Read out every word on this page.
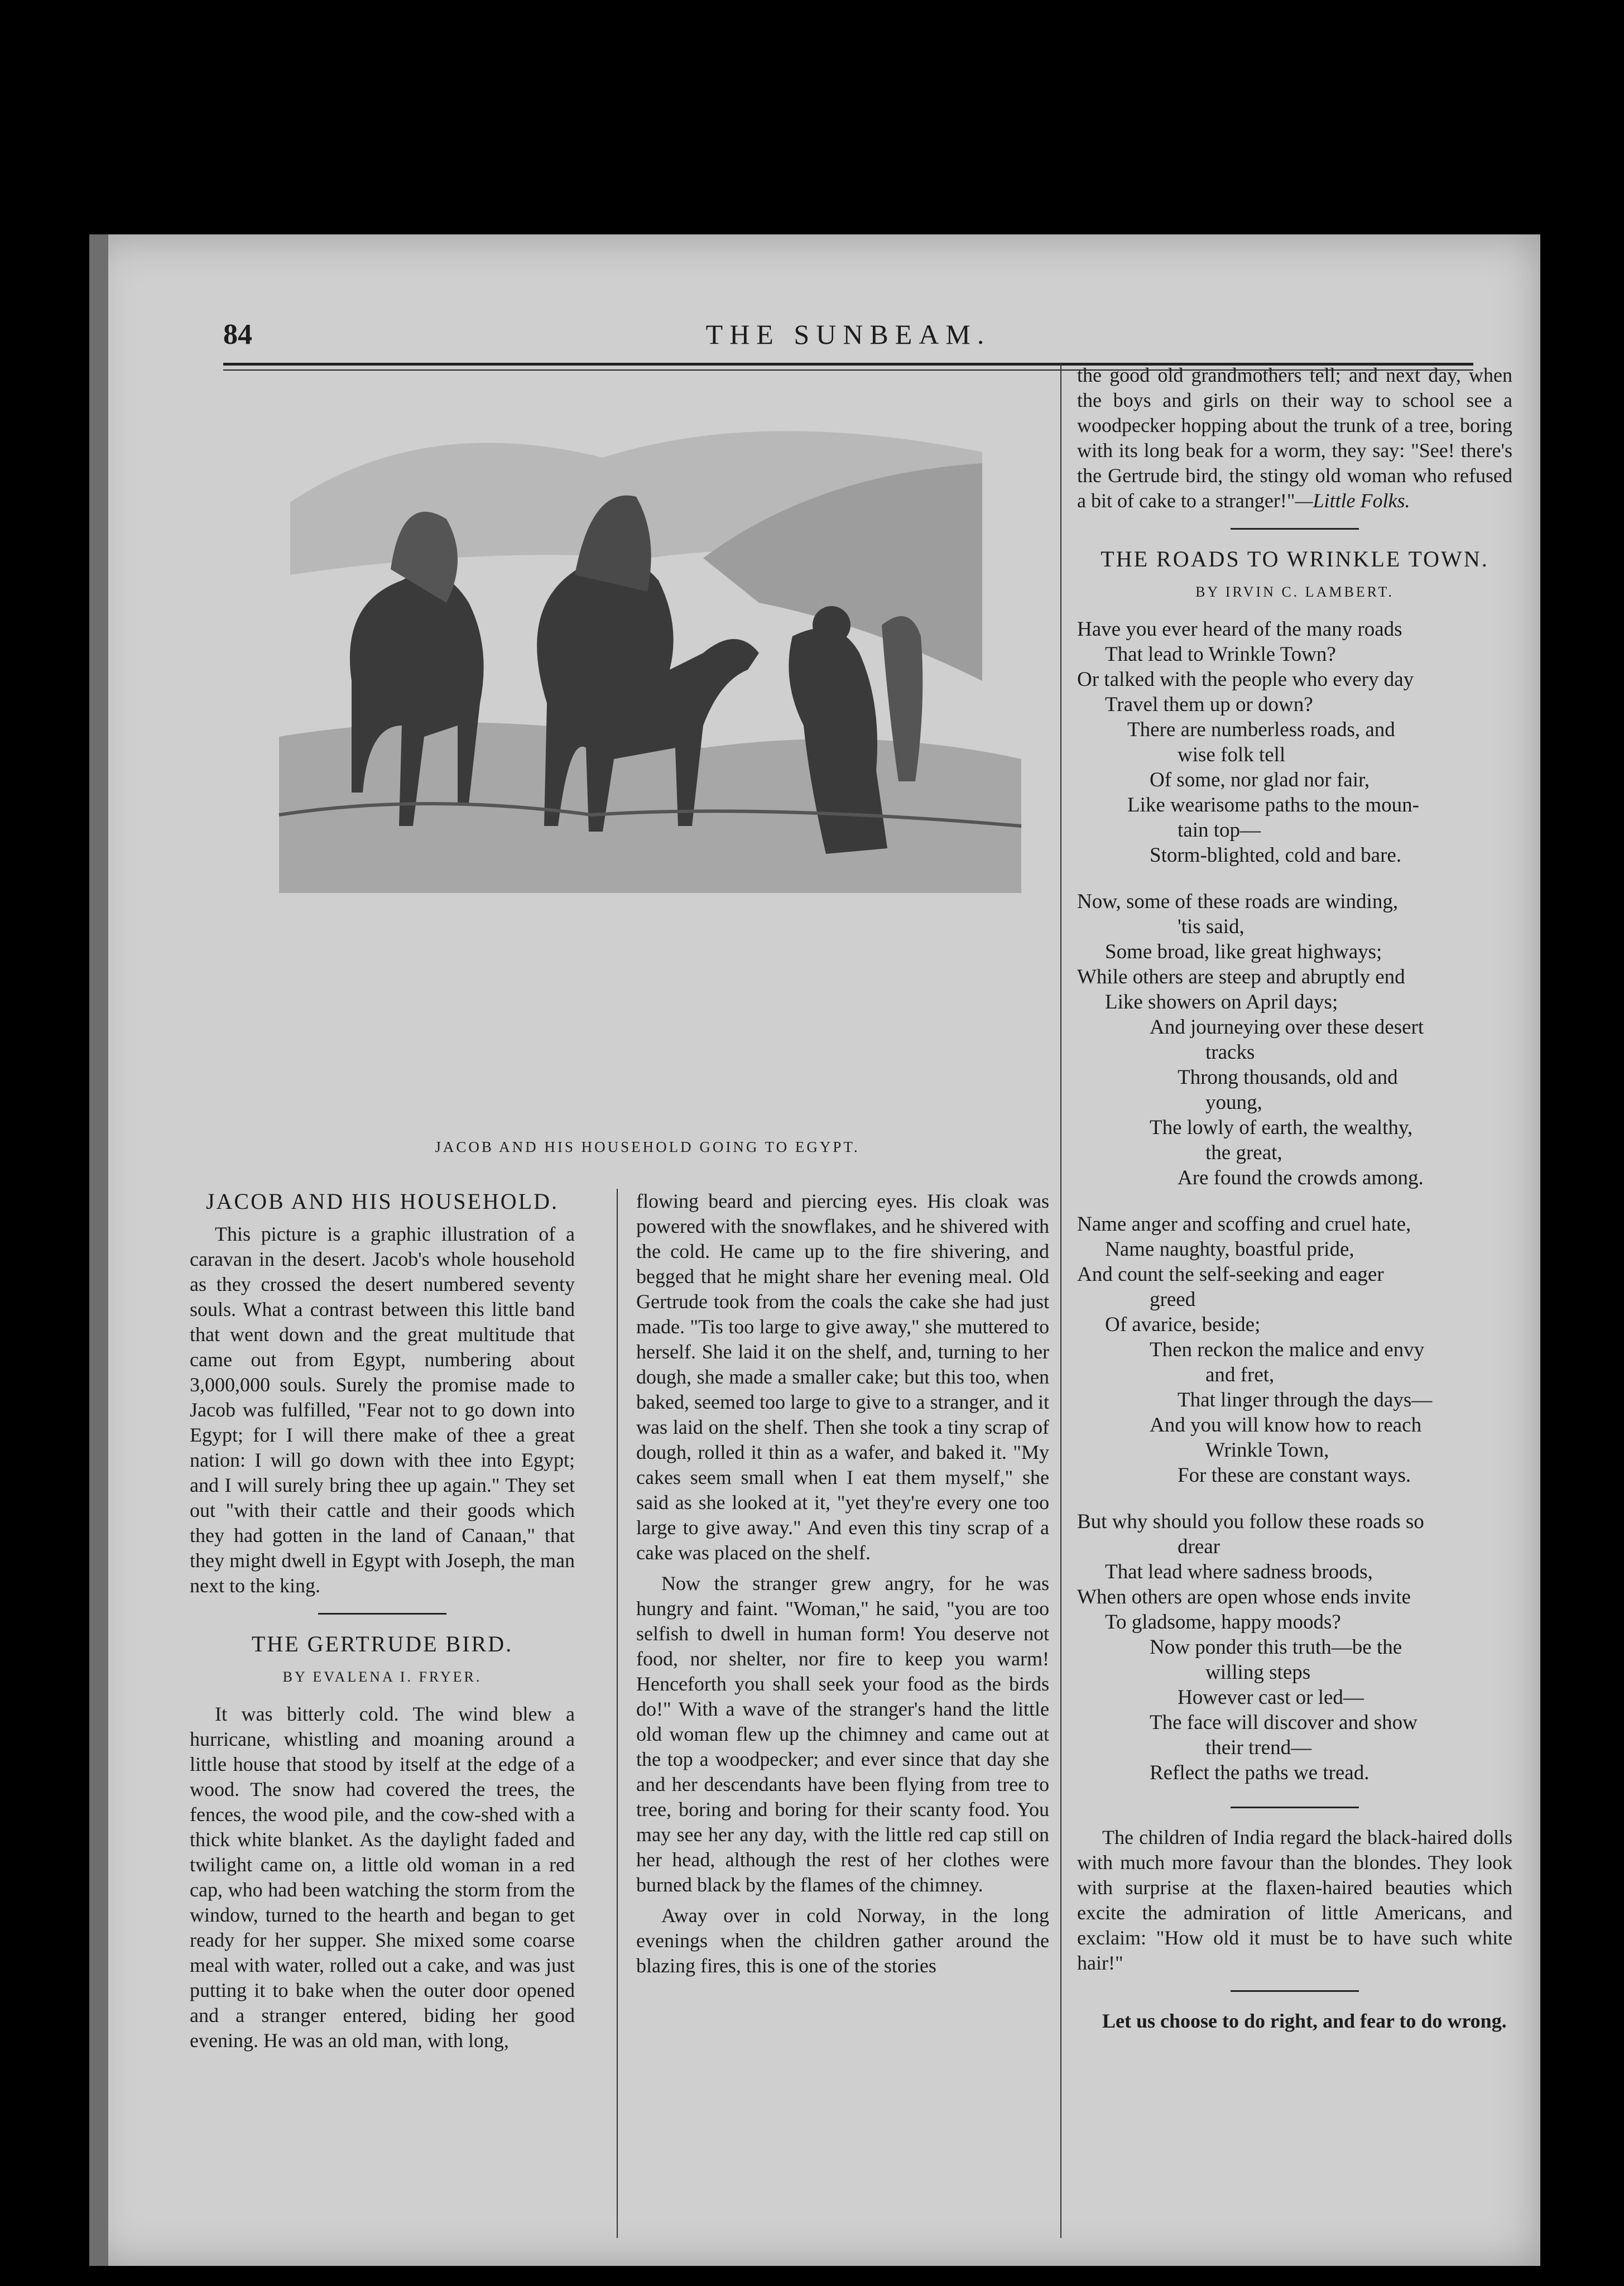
84	THE SUNBEAM.
JACOB AND HIS HOUSEHOLD GOING TO EGYPT.
JACOB AND HIS HOUSEHOLD.

This picture is a graphic illustration of a caravan in the desert. Jacob's whole household as they crossed the desert numbered seventy souls. What a contrast between this little band that went down and the great multitude that came out from Egypt, numbering about 3,000,000 souls. Surely the promise made to Jacob was fulfilled, "Fear not to go down into Egypt; for I will there make of thee a great nation: I will go down with thee into Egypt; and I will surely bring thee up again." They set out "with their cattle and their goods which they had gotten in the land of Canaan," that they might dwell in Egypt with Joseph, the man next to the king.

THE GERTRUDE BIRD.
BY EVALENA I. FRYER.

It was bitterly cold. The wind blew a hurricane, whistling and moaning around a little house that stood by itself at the edge of a wood. The snow had covered the trees, the fences, the wood pile, and the cow-shed with a thick white blanket. As the daylight faded and twilight came on, a little old woman in a red cap, who had been watching the storm from the window, turned to the hearth and began to get ready for her supper. She mixed some coarse meal with water, rolled out a cake, and was just putting it to bake when the outer door opened and a stranger entered, biding her good evening. He was an old man, with long,

flowing beard and piercing eyes. His cloak was powered with the snowflakes, and he shivered with the cold. He came up to the fire shivering, and begged that he might share her evening meal. Old Gertrude took from the coals the cake she had just made. "Tis too large to give away," she muttered to herself. She laid it on the shelf, and, turning to her dough, she made a smaller cake; but this too, when baked, seemed too large to give to a stranger, and it was laid on the shelf. Then she took a tiny scrap of dough, rolled it thin as a wafer, and baked it. "My cakes seem small when I eat them myself," she said as she looked at it, "yet they're every one too large to give away." And even this tiny scrap of a cake was placed on the shelf.

Now the stranger grew angry, for he was hungry and faint. "Woman," he said, "you are too selfish to dwell in human form! You deserve not food, nor shelter, nor fire to keep you warm! Henceforth you shall seek your food as the birds do!" With a wave of the stranger's hand the little old woman flew up the chimney and came out at the top a woodpecker; and ever since that day she and her descendants have been flying from tree to tree, boring and boring for their scanty food. You may see her any day, with the little red cap still on her head, although the rest of her clothes were burned black by the flames of the chimney.

Away over in cold Norway, in the long evenings when the children gather around the blazing fires, this is one of the stories

the good old grandmothers tell; and next day, when the boys and girls on their way to school see a woodpecker hopping about the trunk of a tree, boring with its long beak for a worm, they say: "See! there's the Gertrude bird, the stingy old woman who refused a bit of cake to a stranger!"—Little Folks.

THE ROADS TO WRINKLE TOWN.
BY IRVIN C. LAMBERT.
Have you ever heard of the many roads
That lead to Wrinkle Town?
Or talked with the people who every day
Travel them up or down?
There are numberless roads, and
wise folk tell
Of some, nor glad nor fair,
Like wearisome paths to the moun-
tain top—
Storm-blighted, cold and bare.
Now, some of these roads are winding,
'tis said,
Some broad, like great highways;
While others are steep and abruptly end
Like showers on April days;
And journeying over these desert
tracks
Throng thousands, old and
young,
The lowly of earth, the wealthy,
the great,
Are found the crowds among.
Name anger and scoffing and cruel hate,
Name naughty, boastful pride,
And count the self-seeking and eager
greed
Of avarice, beside;
Then reckon the malice and envy
and fret,
That linger through the days—
And you will know how to reach
Wrinkle Town,
For these are constant ways.
But why should you follow these roads so
drear
That lead where sadness broods,
When others are open whose ends invite
To gladsome, happy moods?
Now ponder this truth—be the
willing steps
However cast or led—
The face will discover and show
their trend—
Reflect the paths we tread.

The children of India regard the black-haired dolls with much more favour than the blondes. They look with surprise at the flaxen-haired beauties which excite the admiration of little Americans, and exclaim: "How old it must be to have such white hair!"

Let us choose to do right, and fear to do wrong.
